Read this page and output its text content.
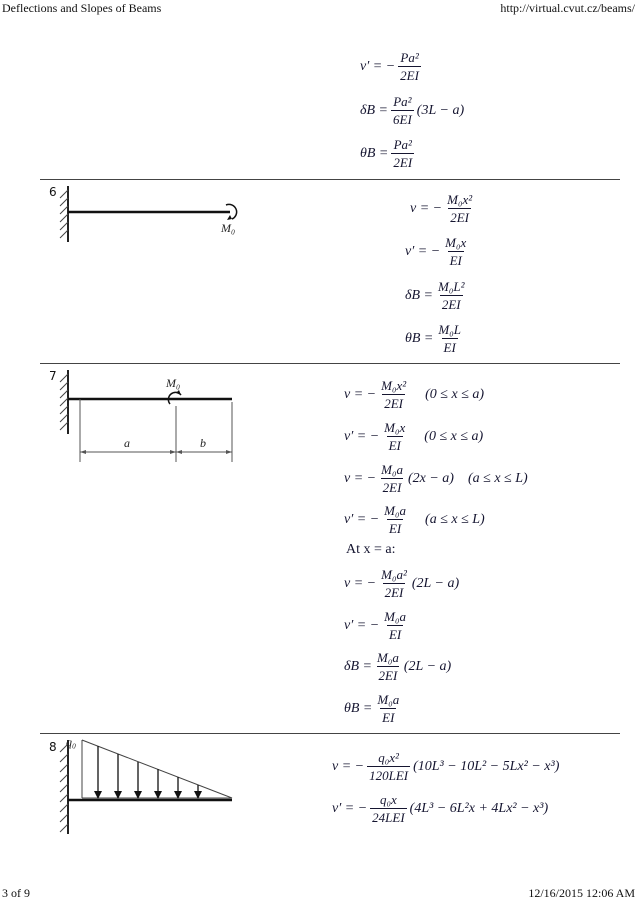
Deflections and Slopes of Beams	http://virtual.cvut.cz/beams/
3 of 9	12/16/2015 12:06 AM
v′ = − $\frac{\text{Pa²}}{2EI}$
$\delta B = \frac{\text{Pa²}}{6EI} (3L - a)$
$\theta B = \frac{\text{Pa²}}{2EI}$
6
M₀
v = − $\frac{\text{M₀x²}}{2EI}$
v′ = − $\frac{\text{M₀x}}{EI}$
$\delta B = \frac{\text{M₀L²}}{2EI}$
$\theta B = \frac{\text{M₀L}}{EI}$
7	M₀
a	b
v = − $\frac{\text{M₀x²}}{2EI} (0 \le x \le a)$
v′ = − $\frac{\text{M₀x}}{EI} (0 \le x \le a)$
v = − $\frac{\text{M₀a}}{2EI} (2x - a) (a \le x \le L)$
v′ = − $\frac{\text{M₀a}}{EI} (a \le x \le L)$
At x = a:
v = − $\frac{\text{M₀a²}}{2EI} (2L - a)$
v′ = − $\frac{\text{M₀a}}{EI}$
$\delta B = \frac{\text{M₀a}}{2EI} (2L - a)$
$\theta B = \frac{\text{M₀a}}{EI}$
8 q₀
v = − $\frac{\text{q₀x²}}{\text{120LEI}} (10L^3 - 10L^2 - 5Lx^2 - x^3)$
v′ = − $\frac{\text{q₀x}}{\text{24LEI}} (4L^3 - 6L^2x + 4Lx^2 - x^3)$
